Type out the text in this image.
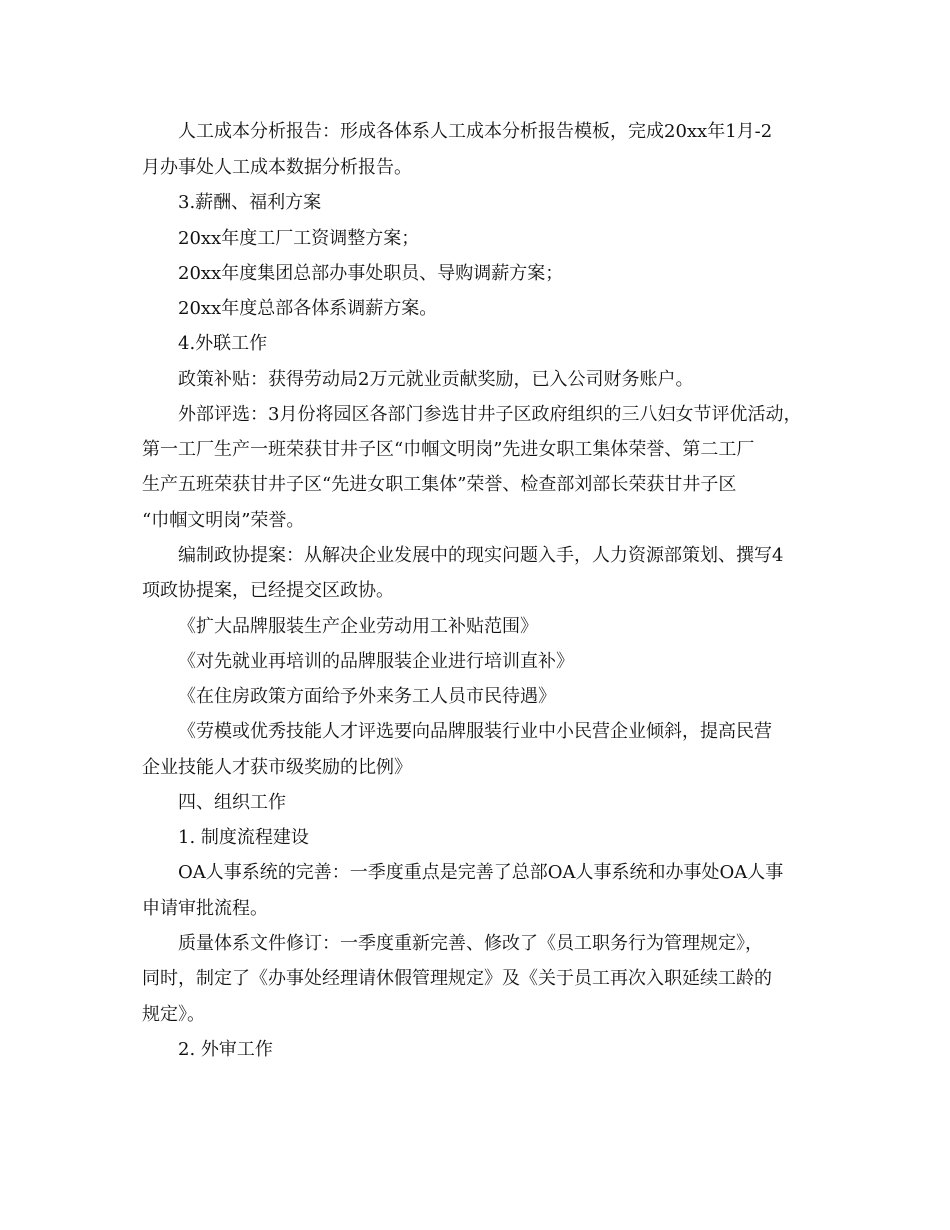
人工成本分析报告：形成各体系人工成本分析报告模板，完成20xx年1月-2
月办事处人工成本数据分析报告。
3.薪酬、福利方案
20xx年度工厂工资调整方案；
20xx年度集团总部办事处职员、导购调薪方案；
20xx年度总部各体系调薪方案。
4.外联工作
政策补贴：获得劳动局2万元就业贡献奖励，已入公司财务账户。
外部评选：3月份将园区各部门参选甘井子区政府组织的三八妇女节评优活动，
第一工厂生产一班荣获甘井子区“巾帼文明岗”先进女职工集体荣誉、第二工厂
生产五班荣获甘井子区“先进女职工集体”荣誉、检查部刘部长荣获甘井子区
“巾帼文明岗”荣誉。
编制政协提案：从解决企业发展中的现实问题入手，人力资源部策划、撰写4
项政协提案，已经提交区政协。
《扩大品牌服装生产企业劳动用工补贴范围》
《对先就业再培训的品牌服装企业进行培训直补》
《在住房政策方面给予外来务工人员市民待遇》
《劳模或优秀技能人才评选要向品牌服装行业中小民营企业倾斜，提高民营
企业技能人才获市级奖励的比例》
四、组织工作
1. 制度流程建设
OA人事系统的完善：一季度重点是完善了总部OA人事系统和办事处OA人事
申请审批流程。
质量体系文件修订：一季度重新完善、修改了《员工职务行为管理规定》，
同时，制定了《办事处经理请休假管理规定》及《关于员工再次入职延续工龄的
规定》。
2. 外审工作
